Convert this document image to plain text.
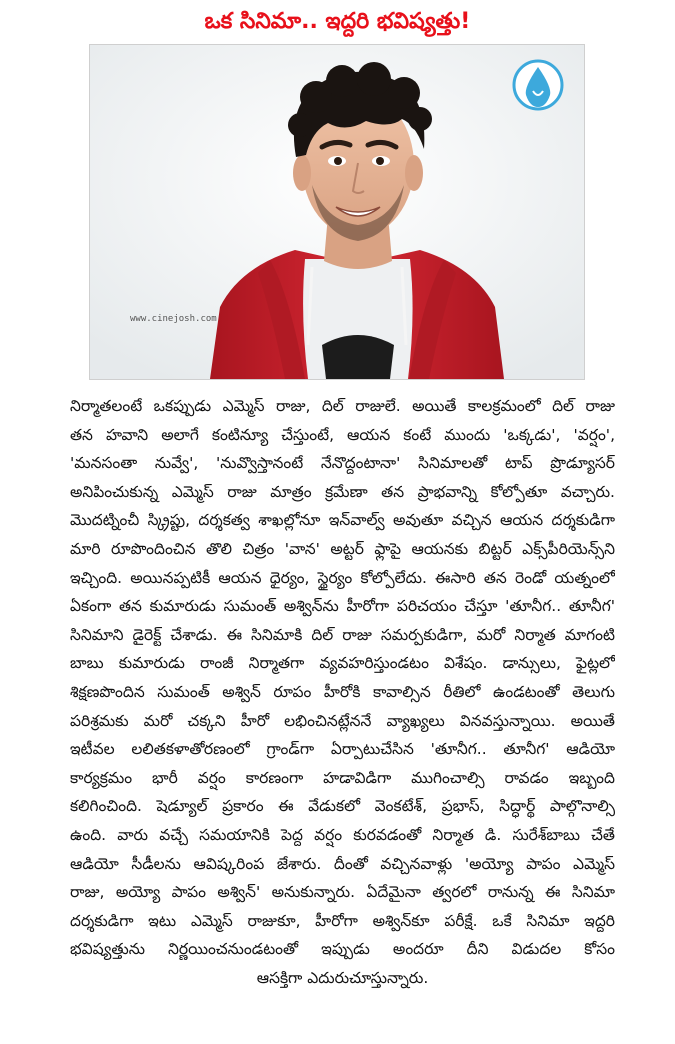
ఒక సినిమా.. ఇద్దరి భవిష్యత్తు!
www.cinejosh.com
నిర్మాతలంటే ఒకప్పుడు ఎమ్మెస్ రాజు, దిల్ రాజులే. అయితే కాలక్రమంలో దిల్ రాజు
తన హవాని అలాగే కంటిన్యూ చేస్తుంటే, ఆయన కంటే ముందు 'ఒక్కడు', 'వర్షం',
'మనసంతా నువ్వే', 'నువ్వొస్తానంటే నేనొద్దంటానా' సినిమాలతో టాప్ ప్రొడ్యూసర్
అనిపించుకున్న ఎమ్మెస్ రాజు మాత్రం క్రమేణా తన ప్రాభవాన్ని కోల్పోతూ వచ్చారు.
మొదట్నించీ స్క్రిప్టు, దర్శకత్వ శాఖల్లోనూ ఇన్‌వాల్వ్ అవుతూ వచ్చిన ఆయన దర్శకుడిగా
మారి రూపొందించిన తొలి చిత్రం 'వాన' అట్టర్ ఫ్లాపై ఆయనకు బిట్టర్ ఎక్స్‌పీరియెన్స్‌ని
ఇచ్చింది. అయినప్పటికీ ఆయన ధైర్యం, స్థైర్యం కోల్పోలేదు. ఈసారి తన రెండో యత్నంలో
ఏకంగా తన కుమారుడు సుమంత్ అశ్విన్‌ను హీరోగా పరిచయం చేస్తూ 'తూనీగ.. తూనీగ'
సినిమాని డైరెక్ట్ చేశాడు. ఈ సినిమాకి దిల్ రాజు సమర్పకుడిగా, మరో నిర్మాత మాగంటి
బాబు కుమారుడు రాంజీ నిర్మాతగా వ్యవహరిస్తుండటం విశేషం. డాన్సులు, ఫైట్లలో
శిక్షణపొందిన సుమంత్ అశ్విన్ రూపం హీరోకి కావాల్సిన రీతిలో ఉండటంతో తెలుగు
పరిశ్రమకు మరో చక్కని హీరో లభించినట్లేననే వ్యాఖ్యలు వినవస్తున్నాయి. అయితే
ఇటీవల లలితకళాతోరణంలో గ్రాండ్‌గా ఏర్పాటుచేసిన 'తూనీగ.. తూనీగ' ఆడియో
కార్యక్రమం భారీ వర్షం కారణంగా హడావిడిగా ముగించాల్సి రావడం ఇబ్బంది
కలిగించింది. షెడ్యూల్ ప్రకారం ఈ వేడుకలో వెంకటేశ్, ప్రభాస్, సిద్ధార్థ్ పాల్గొనాల్సి
ఉంది. వారు వచ్చే సమయానికి పెద్ద వర్షం కురవడంతో నిర్మాత డి. సురేశ్‌బాబు చేతే
ఆడియో సీడీలను ఆవిష్కరింప జేశారు. దీంతో వచ్చినవాళ్లు 'అయ్యో పాపం ఎమ్మెస్
రాజు, అయ్యో పాపం అశ్విన్' అనుకున్నారు. ఏదేమైనా త్వరలో రానున్న ఈ సినిమా
దర్శకుడిగా ఇటు ఎమ్మెస్ రాజుకూ, హీరోగా అశ్విన్‌కూ పరీక్షే. ఒకే సినిమా ఇద్దరి
భవిష్యత్తును నిర్ణయించనుండటంతో ఇప్పుడు అందరూ దీని విడుదల కోసం
ఆసక్తిగా ఎదురుచూస్తున్నారు.
